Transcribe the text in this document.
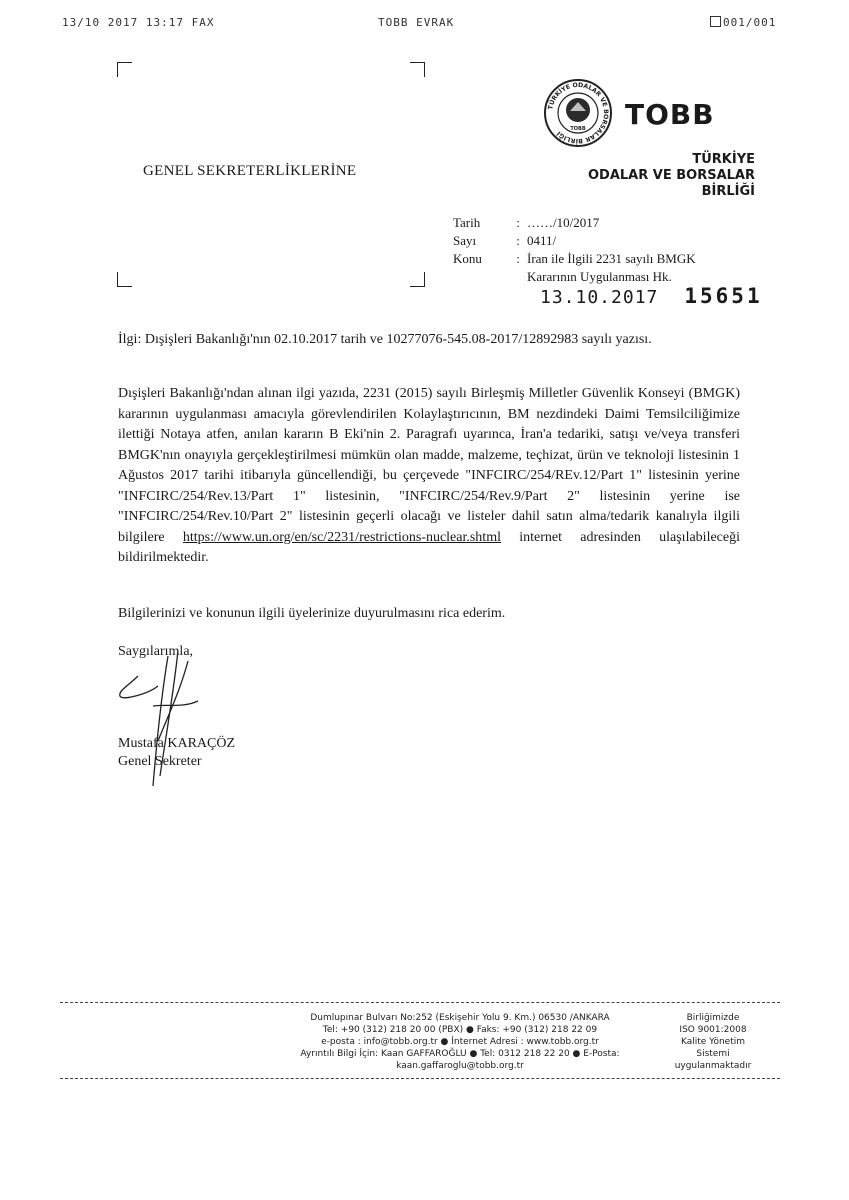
13/10 2017 13:17 FAX	TOBB EVRAK	001/001
GENEL SEKRETERLİKLERİNE
TÜRKİYE ODALAR VE BORSALAR BİRLİĞİ
TOBB TOBB
TÜRKİYE
ODALAR VE BORSALAR
BİRLİĞİ
Tarih	:	……/10/2017
Sayı	:	0411/
Konu	:	İran ile İlgili 2231 sayılı BMGK
Kararının Uygulanması Hk.
13.10.2017 15651
İlgi: Dışişleri Bakanlığı'nın 02.10.2017 tarih ve 10277076-545.08-2017/12892983 sayılı yazısı.
Dışişleri Bakanlığı'ndan alınan ilgi yazıda, 2231 (2015) sayılı Birleşmiş Milletler Güvenlik Konseyi (BMGK) kararının uygulanması amacıyla görevlendirilen Kolaylaştırıcının, BM nezdindeki Daimi Temsilciliğimize ilettiği Notaya atfen, anılan kararın B Eki'nin 2. Paragrafı uyarınca, İran'a tedariki, satışı ve/veya transferi BMGK'nın onayıyla gerçekleştirilmesi mümkün olan madde, malzeme, teçhizat, ürün ve teknoloji listesinin 1 Ağustos 2017 tarihi itibarıyla güncellendiği, bu çerçevede "INFCIRC/254/REv.12/Part 1" listesinin yerine "INFCIRC/254/Rev.13/Part 1" listesinin, "INFCIRC/254/Rev.9/Part 2" listesinin yerine ise "INFCIRC/254/Rev.10/Part 2" listesinin geçerli olacağı ve listeler dahil satın alma/tedarik kanalıyla ilgili bilgilere https://www.un.org/en/sc/2231/restrictions-nuclear.shtml internet adresinden ulaşılabileceği bildirilmektedir.
Bilgilerinizi ve konunun ilgili üyelerinize duyurulmasını rica ederim.
Saygılarımla,
Mustafa KARAÇÖZ
Genel Sekreter
Dumlupınar Bulvarı No:252 (Eskişehir Yolu 9. Km.) 06530 /ANKARA
Tel: +90 (312) 218 20 00 (PBX) ● Faks: +90 (312) 218 22 09
e-posta : info@tobb.org.tr ● İnternet Adresi : www.tobb.org.tr
Ayrıntılı Bilgi İçin: Kaan GAFFAROĞLU ● Tel: 0312 218 22 20 ● E-Posta: kaan.gaffaroglu@tobb.org.tr
Birliğimizde
ISO 9001:2008
Kalite Yönetim
Sistemi
uygulanmaktadır
